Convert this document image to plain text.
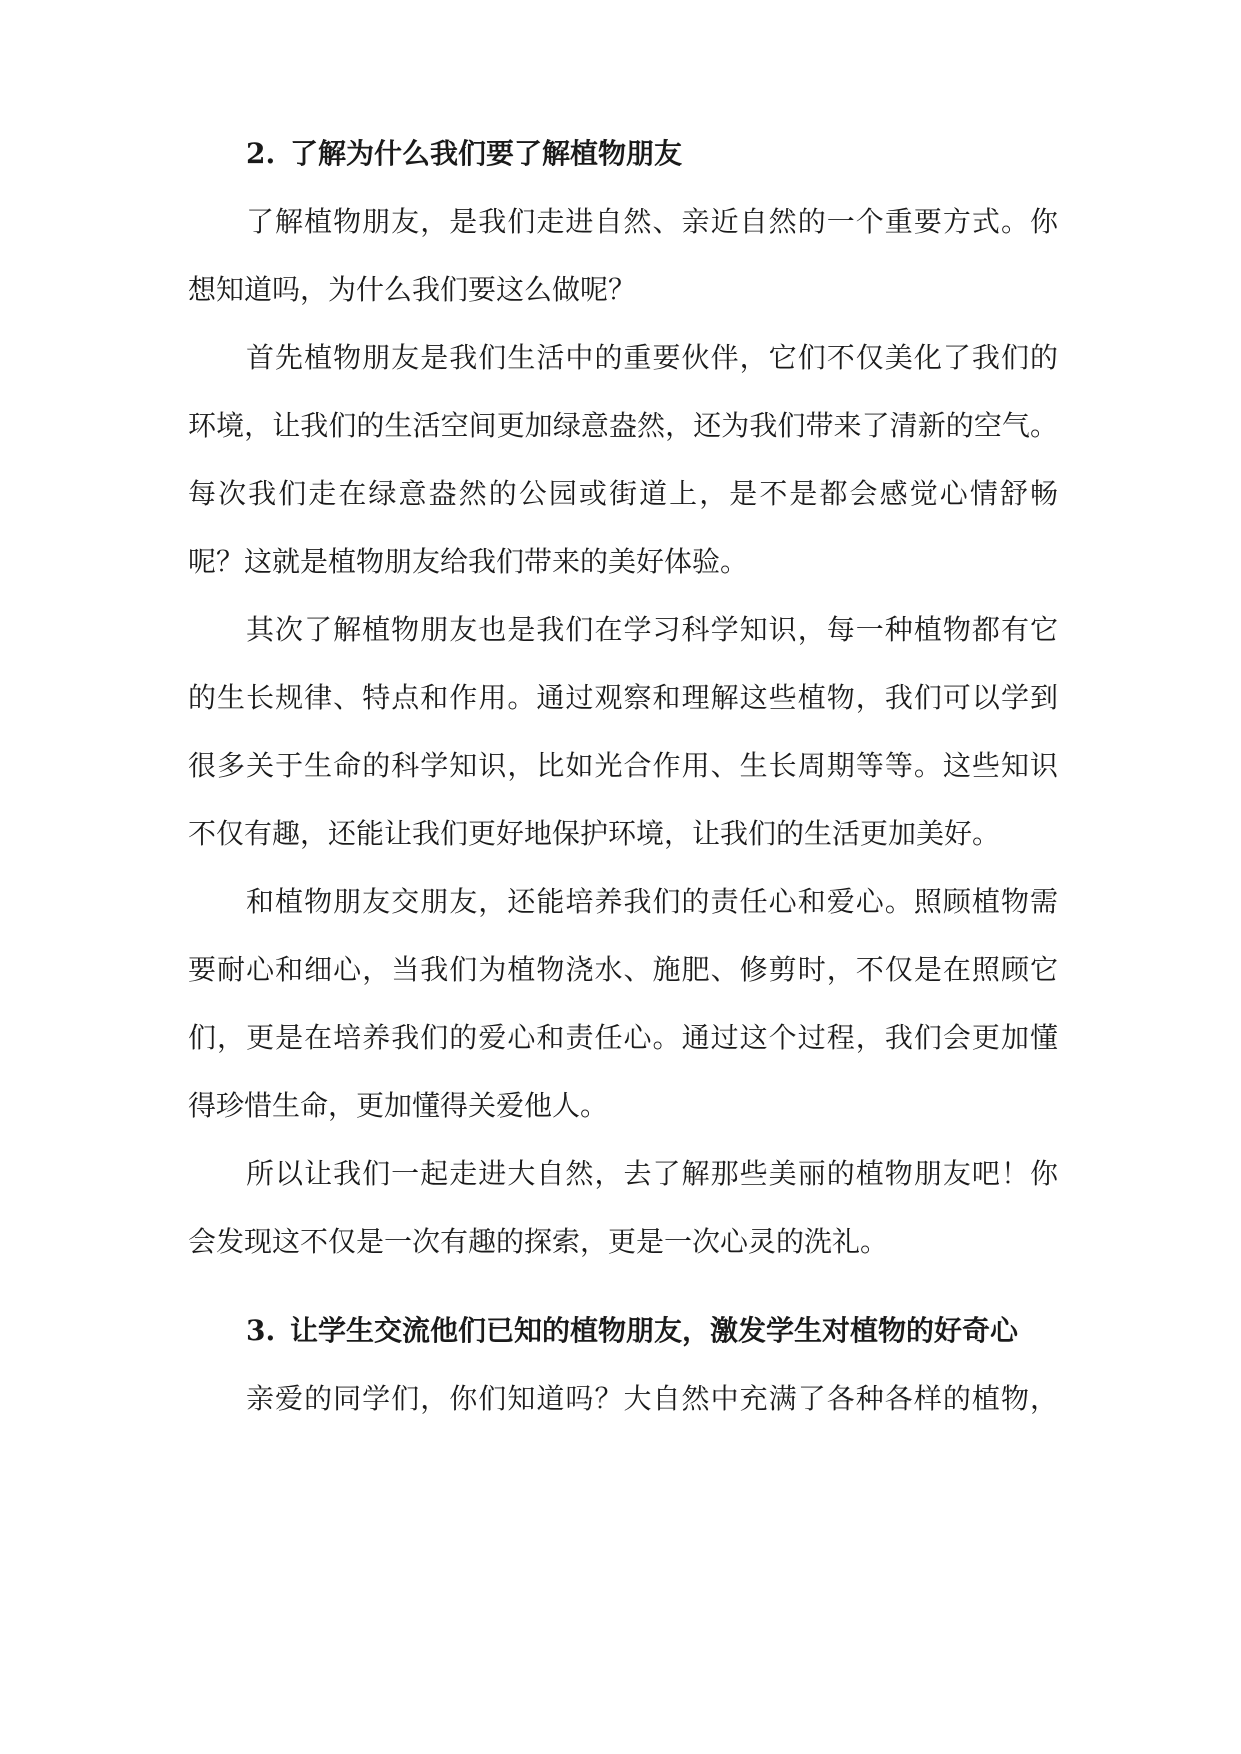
2. 了解为什么我们要了解植物朋友
了解植物朋友，是我们走进自然、亲近自然的一个重要方式。你
想知道吗，为什么我们要这么做呢？
首先植物朋友是我们生活中的重要伙伴，它们不仅美化了我们的
环境，让我们的生活空间更加绿意盎然，还为我们带来了清新的空气。
每次我们走在绿意盎然的公园或街道上，是不是都会感觉心情舒畅
呢？这就是植物朋友给我们带来的美好体验。
其次了解植物朋友也是我们在学习科学知识，每一种植物都有它
的生长规律、特点和作用。通过观察和理解这些植物，我们可以学到
很多关于生命的科学知识，比如光合作用、生长周期等等。这些知识
不仅有趣，还能让我们更好地保护环境，让我们的生活更加美好。
和植物朋友交朋友，还能培养我们的责任心和爱心。照顾植物需
要耐心和细心，当我们为植物浇水、施肥、修剪时，不仅是在照顾它
们，更是在培养我们的爱心和责任心。通过这个过程，我们会更加懂
得珍惜生命，更加懂得关爱他人。
所以让我们一起走进大自然，去了解那些美丽的植物朋友吧！你
会发现这不仅是一次有趣的探索，更是一次心灵的洗礼。
3. 让学生交流他们已知的植物朋友，激发学生对植物的好奇心
亲爱的同学们，你们知道吗？大自然中充满了各种各样的植物，
